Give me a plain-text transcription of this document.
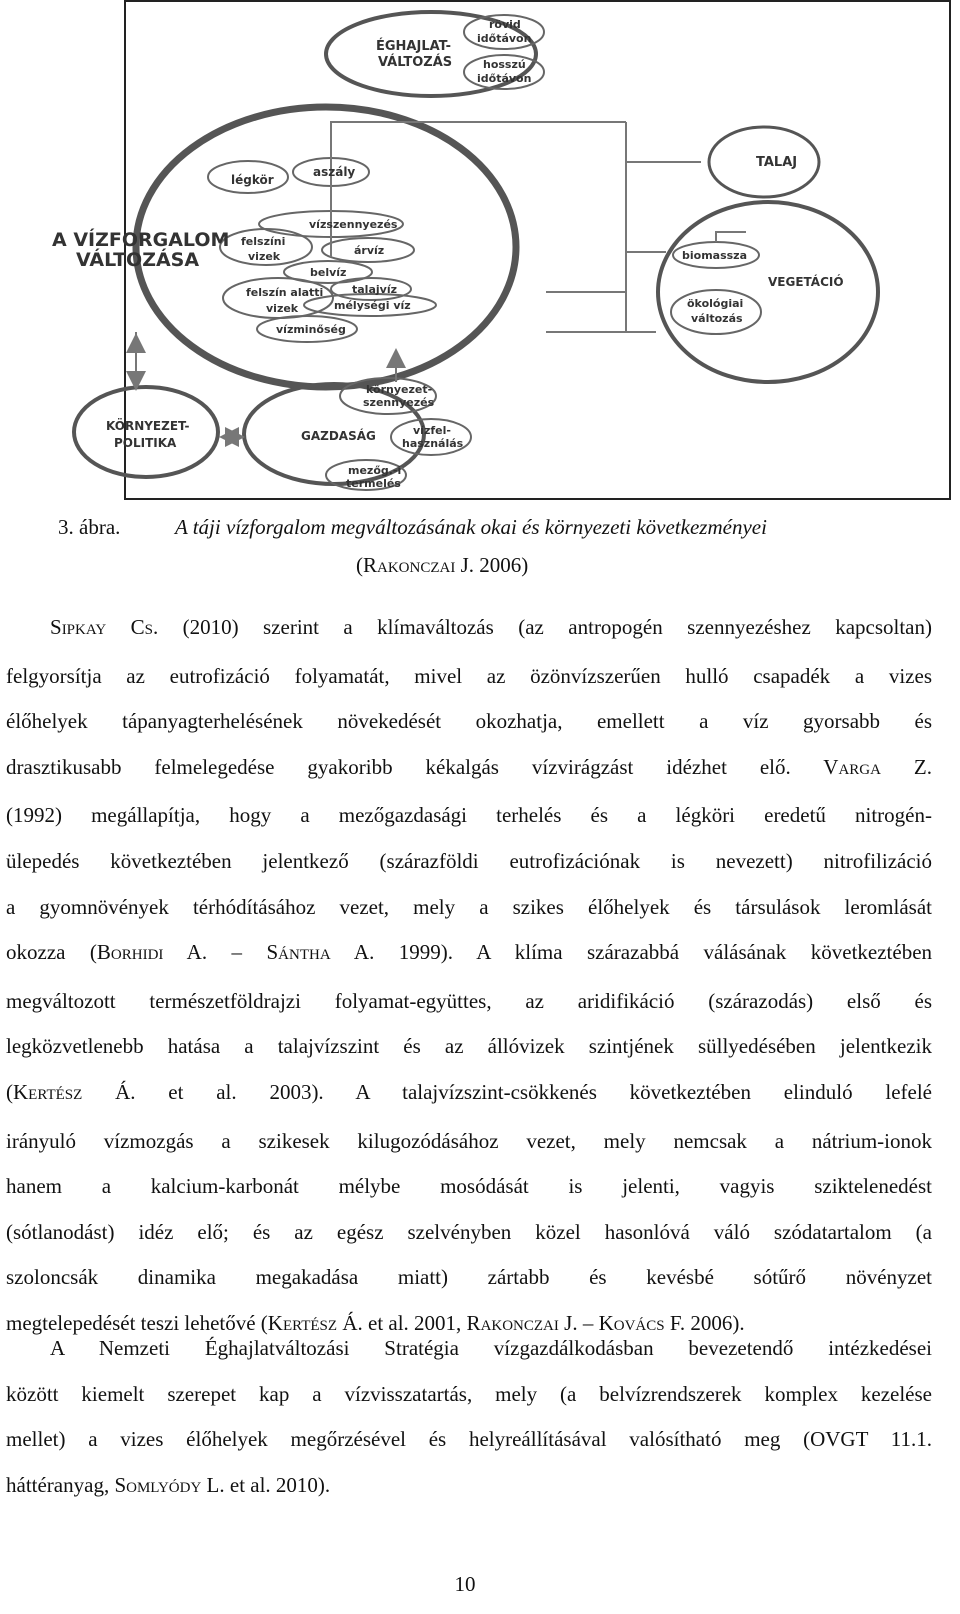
ÉGHAJLAT-VÁLTOZÁS
rövid időtávon
hosszú időtávon
légkör
aszály
A VÍZFORGALOM VÁLTOZÁSA
vízszennyezés
felszíni vizek	árvíz
belvíz
felszín alatti vizek
talajvíz
mélységi víz
vízminőség
TALAJ
biomassza
VEGETÁCIÓ
ökológiai változás
KÖRNYEZET-POLITIKA
környezet-szennyezés
GAZDASÁG	vízfel-használás
mezőg.-i termelés
3. ábra.	A táji vízforgalom megváltozásának okai és környezeti következményei
(RAKONCZAI J. 2006)
SIPKAY CS. (2010) szerint a klímaváltozás (az antropogén szennyezéshez kapcsoltan)
felgyorsítja az eutrofizáció folyamatát, mivel az özönvízszerűen hulló csapadék a vizes
élőhelyek tápanyagterhelésének növekedését okozhatja, emellett a víz gyorsabb és
drasztikusabb felmelegedése gyakoribb kékalgás vízvirágzást idézhet elő. VARGA Z.
(1992) megállapítja, hogy a mezőgazdasági terhelés és a légköri eredetű nitrogén-
ülepedés következtében jelentkező (szárazföldi eutrofizációnak is nevezett) nitrofilizáció
a gyomnövények térhódításához vezet, mely a szikes élőhelyek és társulások leromlását
okozza (BORHIDI A. – SÁNTHA A. 1999). A klíma szárazabbá válásának következtében
megváltozott természetföldrajzi folyamat-együttes, az aridifikáció (szárazodás) első és
legközvetlenebb hatása a talajvízszint és az állóvizek szintjének süllyedésében jelentkezik
(KERTÉSZ Á. et al. 2003). A talajvízszint-csökkenés következtében elinduló lefelé
irányuló vízmozgás a szikesek kilugozódásához vezet, mely nemcsak a nátrium-ionok
hanem a kalcium-karbonát mélybe mosódását is jelenti, vagyis sziktelenedést
(sótlanodást) idéz elő; és az egész szelvényben közel hasonlóvá váló szódatartalom (a
szoloncsák dinamika megakadása miatt) zártabb és kevésbé sótűrő növényzet
megtelepedését teszi lehetővé (KERTÉSZ Á. et al. 2001, RAKONCZAI J. – KOVÁCS F. 2006).
A Nemzeti Éghajlatváltozási Stratégia vízgazdálkodásban bevezetendő intézkedései
között kiemelt szerepet kap a vízvisszatartás, mely (a belvízrendszerek komplex kezelése
mellet) a vizes élőhelyek megőrzésével és helyreállításával valósítható meg (OVGT 11.1.
háttéranyag, SOMLYÓDY L. et al. 2010).
10
